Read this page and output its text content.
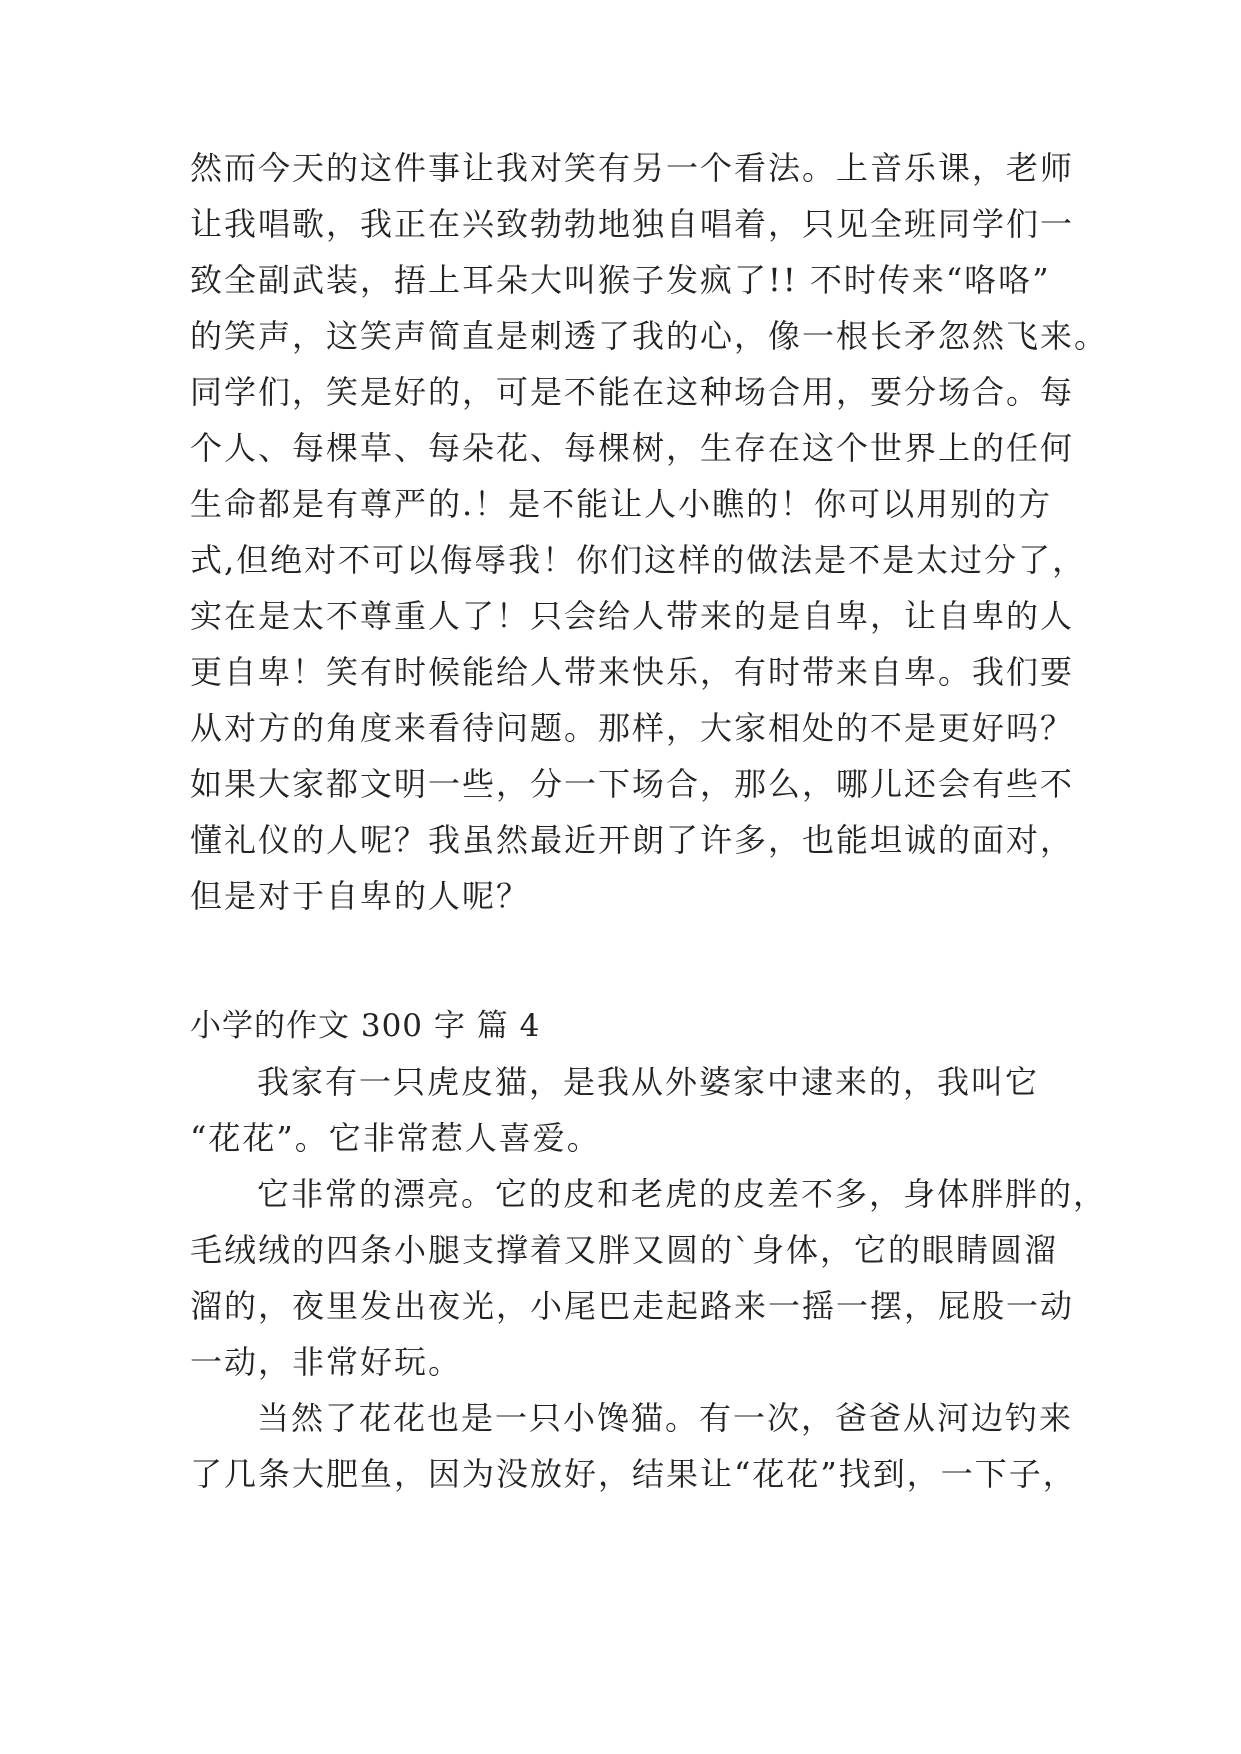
然而今天的这件事让我对笑有另一个看法。上音乐课，老师
让我唱歌，我正在兴致勃勃地独自唱着，只见全班同学们一
致全副武装，捂上耳朵大叫猴子发疯了!! 不时传来“咯咯”
的笑声，这笑声简直是刺透了我的心，像一根长矛忽然飞来。
同学们，笑是好的，可是不能在这种场合用，要分场合。每
个人、每棵草、每朵花、每棵树，生存在这个世界上的任何
生命都是有尊严的.！是不能让人小瞧的！你可以用别的方
式,但绝对不可以侮辱我！你们这样的做法是不是太过分了，
实在是太不尊重人了！只会给人带来的是自卑，让自卑的人
更自卑！笑有时候能给人带来快乐，有时带来自卑。我们要
从对方的角度来看待问题。那样，大家相处的不是更好吗？
如果大家都文明一些，分一下场合，那么，哪儿还会有些不
懂礼仪的人呢？我虽然最近开朗了许多，也能坦诚的面对，
但是对于自卑的人呢？
小学的作文 300 字 篇 4
我家有一只虎皮猫，是我从外婆家中逮来的，我叫它
“花花”。它非常惹人喜爱。
它非常的漂亮。它的皮和老虎的皮差不多，身体胖胖的，
毛绒绒的四条小腿支撑着又胖又圆的`身体，它的眼睛圆溜
溜的，夜里发出夜光，小尾巴走起路来一摇一摆，屁股一动
一动，非常好玩。
当然了花花也是一只小馋猫。有一次，爸爸从河边钓来
了几条大肥鱼，因为没放好，结果让“花花”找到，一下子，
